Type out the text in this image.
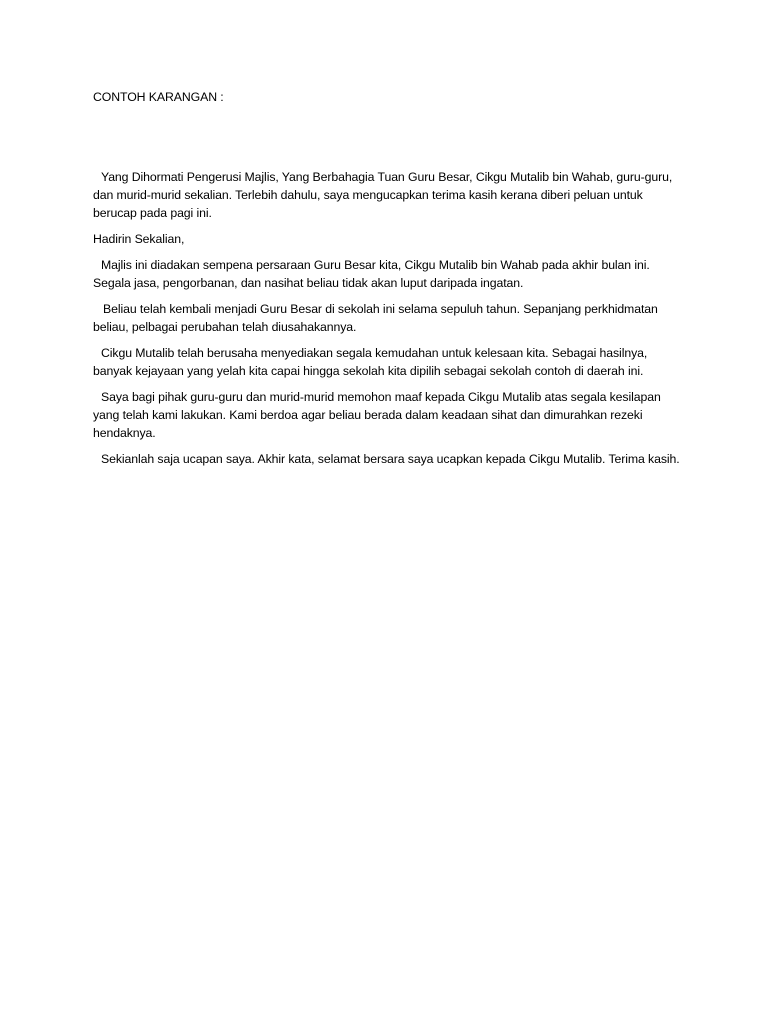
CONTOH KARANGAN :

Yang Dihormati Pengerusi Majlis, Yang Berbahagia Tuan Guru Besar, Cikgu Mutalib bin Wahab, guru-guru, dan murid-murid sekalian. Terlebih dahulu, saya mengucapkan terima kasih kerana diberi peluan untuk berucap pada pagi ini.

Hadirin Sekalian,

Majlis ini diadakan sempena persaraan Guru Besar kita, Cikgu Mutalib bin Wahab pada akhir bulan ini. Segala jasa, pengorbanan, dan nasihat beliau tidak akan luput daripada ingatan.

Beliau telah kembali menjadi Guru Besar di sekolah ini selama sepuluh tahun. Sepanjang perkhidmatan beliau, pelbagai perubahan telah diusahakannya.

Cikgu Mutalib telah berusaha menyediakan segala kemudahan untuk kelesaan kita. Sebagai hasilnya, banyak kejayaan yang yelah kita capai hingga sekolah kita dipilih sebagai sekolah contoh di daerah ini.

Saya bagi pihak guru-guru dan murid-murid memohon maaf kepada Cikgu Mutalib atas segala kesilapan yang telah kami lakukan. Kami berdoa agar beliau berada dalam keadaan sihat dan dimurahkan rezeki hendaknya.

Sekianlah saja ucapan saya. Akhir kata, selamat bersara saya ucapkan kepada Cikgu Mutalib. Terima kasih.
